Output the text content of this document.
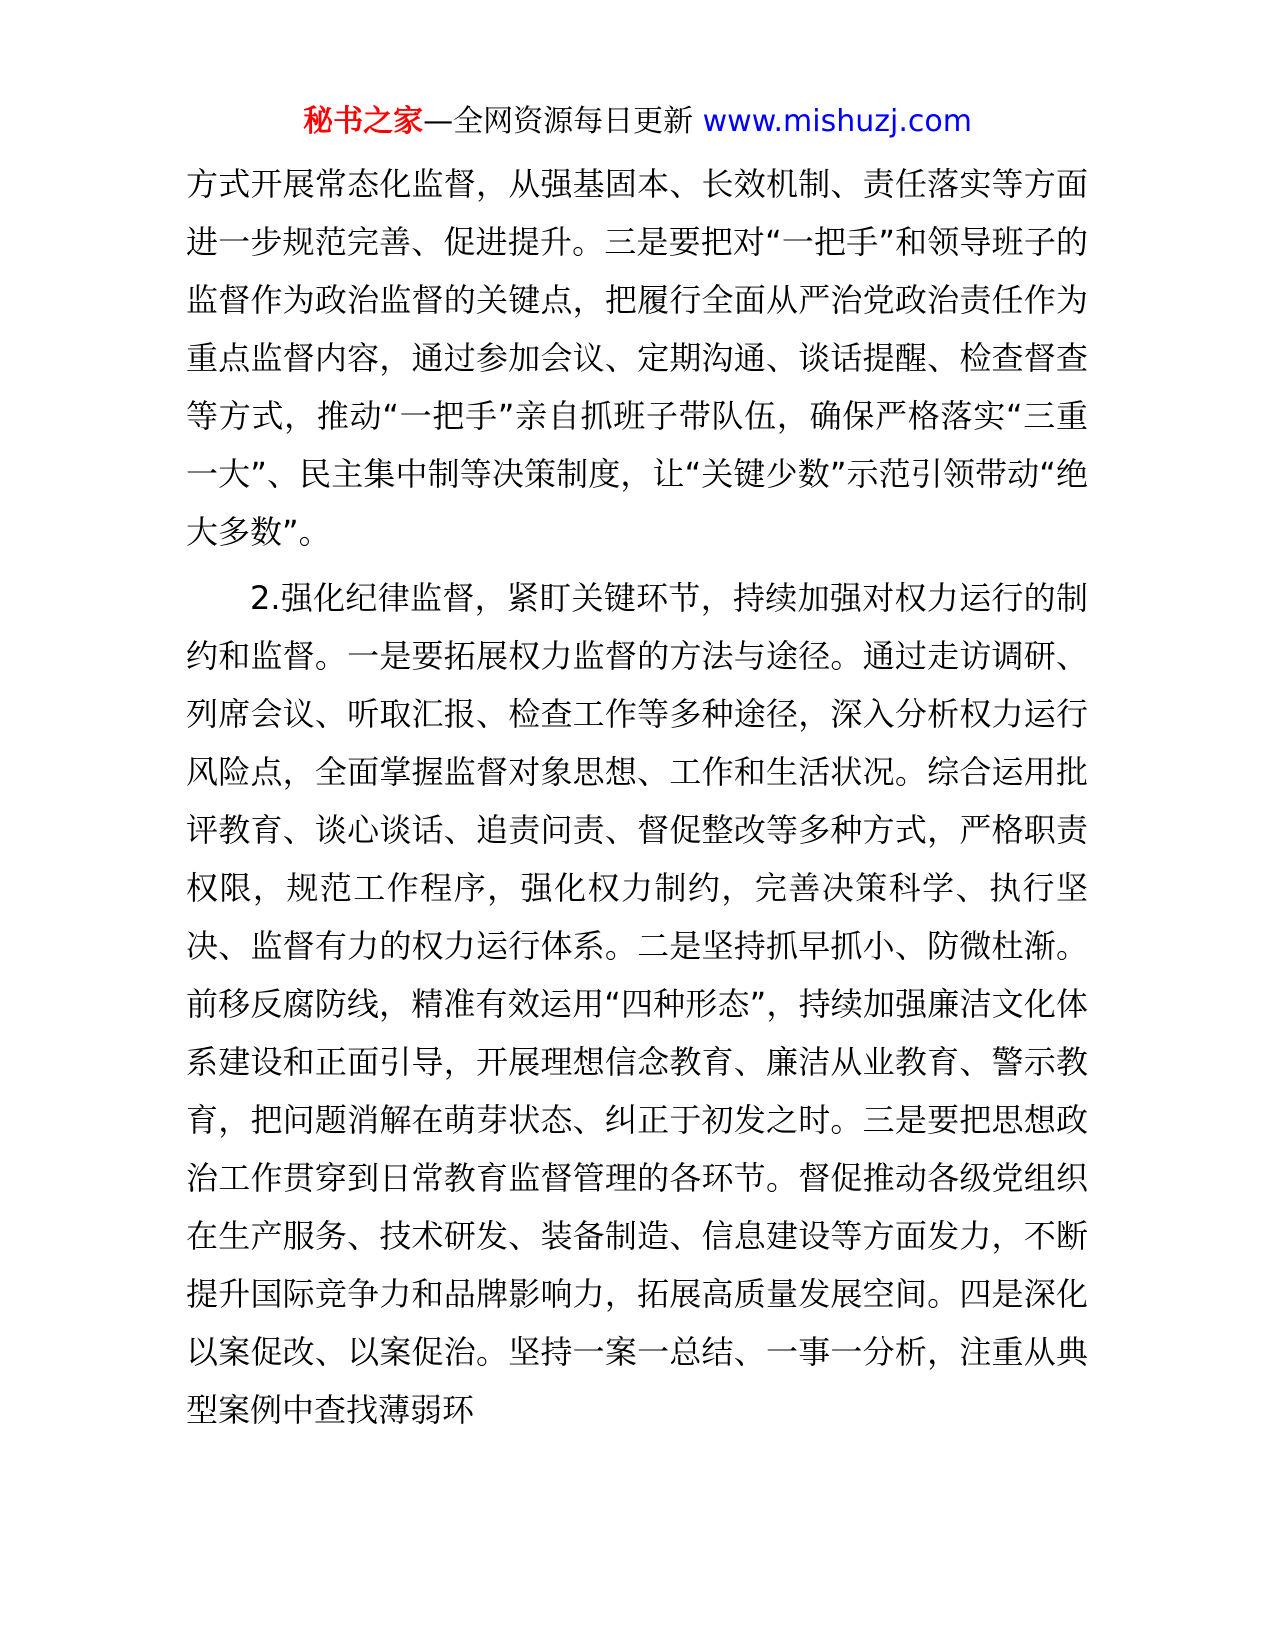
秘书之家—全网资源每日更新 www.mishuzj.com

方式开展常态化监督，从强基固本、长效机制、责任落实等方面进一步规范完善、促进提升。三是要把对“一把手”和领导班子的监督作为政治监督的关键点，把履行全面从严治党政治责任作为重点监督内容，通过参加会议、定期沟通、谈话提醒、检查督查等方式，推动“一把手”亲自抓班子带队伍，确保严格落实“三重一大”、民主集中制等决策制度，让“关键少数”示范引领带动“绝大多数”。

2.强化纪律监督，紧盯关键环节，持续加强对权力运行的制约和监督。一是要拓展权力监督的方法与途径。通过走访调研、列席会议、听取汇报、检查工作等多种途径，深入分析权力运行风险点，全面掌握监督对象思想、工作和生活状况。综合运用批评教育、谈心谈话、追责问责、督促整改等多种方式，严格职责权限，规范工作程序，强化权力制约，完善决策科学、执行坚决、监督有力的权力运行体系。二是坚持抓早抓小、防微杜渐。前移反腐防线，精准有效运用“四种形态”，持续加强廉洁文化体系建设和正面引导，开展理想信念教育、廉洁从业教育、警示教育，把问题消解在萌芽状态、纠正于初发之时。三是要把思想政治工作贯穿到日常教育监督管理的各环节。督促推动各级党组织在生产服务、技术研发、装备制造、信息建设等方面发力，不断提升国际竞争力和品牌影响力，拓展高质量发展空间。四是深化以案促改、以案促治。坚持一案一总结、一事一分析，注重从典型案例中查找薄弱环
